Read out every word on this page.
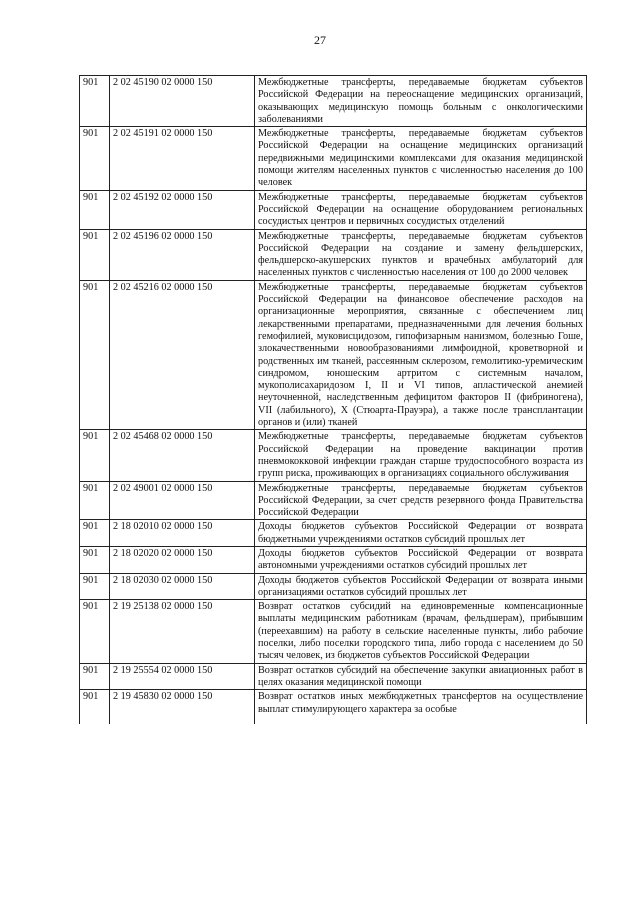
27
901	2 02 45190 02 0000 150	Межбюджетные трансферты, передаваемые бюджетам субъектов Российской Федерации на переоснащение медицинских организаций, оказывающих медицинскую помощь больным с онкологическими заболеваниями
901	2 02 45191 02 0000 150	Межбюджетные трансферты, передаваемые бюджетам субъектов Российской Федерации на оснащение медицинских организаций передвижными медицинскими комплексами для оказания медицинской помощи жителям населенных пунктов с численностью населения до 100 человек
901	2 02 45192 02 0000 150	Межбюджетные трансферты, передаваемые бюджетам субъектов Российской Федерации на оснащение оборудованием региональных сосудистых центров и первичных сосудистых отделений
901	2 02 45196 02 0000 150	Межбюджетные трансферты, передаваемые бюджетам субъектов Российской Федерации на создание и замену фельдшерских, фельдшерско-акушерских пунктов и врачебных амбулаторий для населенных пунктов с численностью населения от 100 до 2000 человек
901	2 02 45216 02 0000 150	Межбюджетные трансферты, передаваемые бюджетам субъектов Российской Федерации на финансовое обеспечение расходов на организационные мероприятия, связанные с обеспечением лиц лекарственными препаратами, предназначенными для лечения больных гемофилией, муковисцидозом, гипофизарным нанизмом, болезнью Гоше, злокачественными новообразованиями лимфоидной, кроветворной и родственных им тканей, рассеянным склерозом, гемолитико-уремическим синдромом, юношеским артритом с системным началом, мукополисахаридозом I, II и VI типов, апластической анемией неуточненной, наследственным дефицитом факторов II (фибриногена), VII (лабильного), X (Стюарта-Прауэра), а также после трансплантации органов и (или) тканей
901	2 02 45468 02 0000 150	Межбюджетные трансферты, передаваемые бюджетам субъектов Российской Федерации на проведение вакцинации против пневмококковой инфекции граждан старше трудоспособного возраста из групп риска, проживающих в организациях социального обслуживания
901	2 02 49001 02 0000 150	Межбюджетные трансферты, передаваемые бюджетам субъектов Российской Федерации, за счет средств резервного фонда Правительства Российской Федерации
901	2 18 02010 02 0000 150	Доходы бюджетов субъектов Российской Федерации от возврата бюджетными учреждениями остатков субсидий прошлых лет
901	2 18 02020 02 0000 150	Доходы бюджетов субъектов Российской Федерации от возврата автономными учреждениями остатков субсидий прошлых лет
901	2 18 02030 02 0000 150	Доходы бюджетов субъектов Российской Федерации от возврата иными организациями остатков субсидий прошлых лет
901	2 19 25138 02 0000 150	Возврат остатков субсидий на единовременные компенсационные выплаты медицинским работникам (врачам, фельдшерам), прибывшим (переехавшим) на работу в сельские населенные пункты, либо рабочие поселки, либо поселки городского типа, либо города с населением до 50 тысяч человек, из бюджетов субъектов Российской Федерации
901	2 19 25554 02 0000 150	Возврат остатков субсидий на обеспечение закупки авиационных работ в целях оказания медицинской помощи
901	2 19 45830 02 0000 150	Возврат остатков иных межбюджетных трансфертов на осуществление выплат стимулирующего характера за особые
